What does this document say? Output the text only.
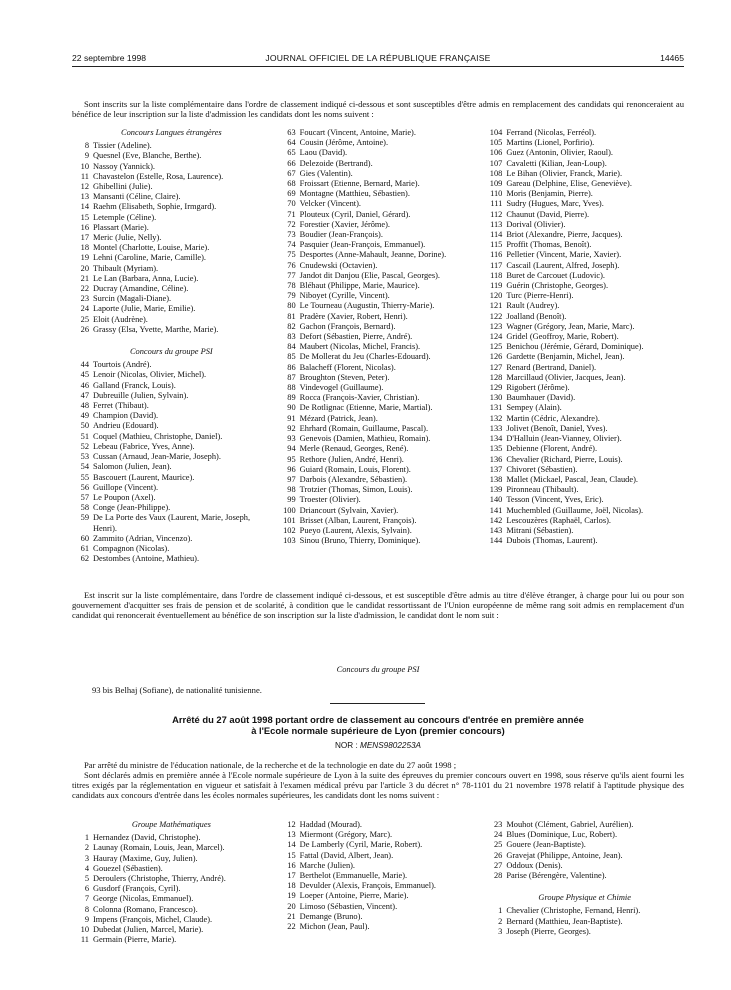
22 septembre 1998	JOURNAL OFFICIEL DE LA RÉPUBLIQUE FRANÇAISE	14465

Sont inscrits sur la liste complémentaire dans l'ordre de classement indiqué ci-dessous et sont susceptibles d'être admis en remplacement des candidats qui renonceraient au bénéfice de leur inscription sur la liste d'admission les candidats dont les noms suivent :

Concours Langues étrangères
8 Tissier (Adeline).
9 Quesnel (Eve, Blanche, Berthe).
10 Nassoy (Yannick).
11 Chavastelon (Estelle, Rosa, Laurence).
12 Ghibellini (Julie).
13 Mansanti (Céline, Claire).
14 Raehm (Elisabeth, Sophie, Irmgard).
15 Letemple (Céline).
16 Plassart (Marie).
17 Meric (Julie, Nelly).
18 Montel (Charlotte, Louise, Marie).
19 Lehni (Caroline, Marie, Camille).
20 Thibault (Myriam).
21 Le Lan (Barbara, Anna, Lucie).
22 Ducray (Amandine, Céline).
23 Surcin (Magali-Diane).
24 Laporte (Julie, Marie, Emilie).
25 Eloit (Audrène).
26 Grassy (Elsa, Yvette, Marthe, Marie).
Concours du groupe PSI
44 Tourtois (André).
45 Lenoir (Nicolas, Olivier, Michel).
46 Galland (Franck, Louis).
47 Dubreuille (Julien, Sylvain).
48 Ferret (Thibaut).
49 Champion (David).
50 Andrieu (Edouard).
51 Coquel (Mathieu, Christophe, Daniel).
52 Lebeau (Fabrice, Yves, Anne).
53 Cussan (Arnaud, Jean-Marie, Joseph).
54 Salomon (Julien, Jean).
55 Bascouert (Laurent, Maurice).
56 Guillope (Vincent).
57 Le Poupon (Axel).
58 Conge (Jean-Philippe).
59 De La Porte des Vaux (Laurent, Marie, Joseph, Henri).
60 Zammito (Adrian, Vincenzo).
61 Compagnon (Nicolas).
62 Destombes (Antoine, Mathieu).
63 Foucart (Vincent, Antoine, Marie).
64 Cousin (Jérôme, Antoine).
65 Laou (David).
66 Delezoide (Bertrand).
67 Gies (Valentin).
68 Froissart (Etienne, Bernard, Marie).
69 Montagne (Matthieu, Sébastien).
70 Velcker (Vincent).
71 Plouteux (Cyril, Daniel, Gérard).
72 Forestier (Xavier, Jérôme).
73 Boudier (Jean-François).
74 Pasquier (Jean-François, Emmanuel).
75 Desportes (Anne-Mahault, Jeanne, Dorine).
76 Cnudewski (Octavien).
77 Jandot dit Danjou (Elie, Pascal, Georges).
78 Bléhaut (Philippe, Marie, Maurice).
79 Niboyet (Cyrille, Vincent).
80 Le Tourneau (Augustin, Thierry-Marie).
81 Pradère (Xavier, Robert, Henri).
82 Gachon (François, Bernard).
83 Defort (Sébastien, Pierre, André).
84 Maubert (Nicolas, Michel, Francis).
85 De Mollerat du Jeu (Charles-Edouard).
86 Balacheff (Florent, Nicolas).
87 Broughton (Steven, Peter).
88 Vindevogel (Guillaume).
89 Rocca (François-Xavier, Christian).
90 De Rotlignac (Etienne, Marie, Martial).
91 Mézard (Patrick, Jean).
92 Ehrhard (Romain, Guillaume, Pascal).
93 Genevois (Damien, Mathieu, Romain).
94 Merle (Renaud, Georges, René).
95 Rethore (Julien, André, Henri).
96 Guiard (Romain, Louis, Florent).
97 Darbois (Alexandre, Sébastien).
98 Trotzier (Thomas, Simon, Louis).
99 Troester (Olivier).
100 Driancourt (Sylvain, Xavier).
101 Brisset (Alban, Laurent, François).
102 Pueyo (Laurent, Alexis, Sylvain).
103 Sinou (Bruno, Thierry, Dominique).
104 Ferrand (Nicolas, Ferréol).
105 Martins (Lionel, Porfirio).
106 Guez (Antonin, Olivier, Raoul).
107 Cavaletti (Kilian, Jean-Loup).
108 Le Bihan (Olivier, Franck, Marie).
109 Gareau (Delphine, Elise, Geneviève).
110 Moris (Benjamin, Pierre).
111 Sudry (Hugues, Marc, Yves).
112 Chaunut (David, Pierre).
113 Dorival (Olivier).
114 Briot (Alexandre, Pierre, Jacques).
115 Proffit (Thomas, Benoît).
116 Pelletier (Vincent, Marie, Xavier).
117 Cascail (Laurent, Alfred, Joseph).
118 Buret de Carcouet (Ludovic).
119 Guérin (Christophe, Georges).
120 Turc (Pierre-Henri).
121 Rault (Audrey).
122 Joalland (Benoît).
123 Wagner (Grégory, Jean, Marie, Marc).
124 Gridel (Geoffroy, Marie, Robert).
125 Benichou (Jérémie, Gérard, Dominique).
126 Gardette (Benjamin, Michel, Jean).
127 Renard (Bertrand, Daniel).
128 Marcillaud (Olivier, Jacques, Jean).
129 Rigobert (Jérôme).
130 Baumhauer (David).
131 Sempey (Alain).
132 Martin (Cédric, Alexandre).
133 Jolivet (Benoît, Daniel, Yves).
134 D'Halluin (Jean-Vianney, Olivier).
135 Debienne (Florent, André).
136 Chevalier (Richard, Pierre, Louis).
137 Chivoret (Sébastien).
138 Mallet (Mickael, Pascal, Jean, Claude).
139 Pironneau (Thibault).
140 Tesson (Vincent, Yves, Eric).
141 Muchembled (Guillaume, Joël, Nicolas).
142 Lescouzères (Raphaël, Carlos).
143 Mitrani (Sébastien).
144 Dubois (Thomas, Laurent).

Est inscrit sur la liste complémentaire, dans l'ordre de classement indiqué ci-dessous, et est susceptible d'être admis au titre d'élève étranger, à charge pour lui ou pour son gouvernement d'acquitter ses frais de pension et de scolarité, à condition que le candidat ressortissant de l'Union européenne de même rang soit admis en remplacement d'un candidat qui renoncerait éventuellement au bénéfice de son inscription sur la liste d'admission, le candidat dont le nom suit :

Concours du groupe PSI
93 bis Belhaj (Sofiane), de nationalité tunisienne.
Arrêté du 27 août 1998 portant ordre de classement au concours d'entrée en première année
à l'Ecole normale supérieure de Lyon (premier concours)
NOR : MENS9802253A

Par arrêté du ministre de l'éducation nationale, de la recherche et de la technologie en date du 27 août 1998 ;

Sont déclarés admis en première année à l'Ecole normale supérieure de Lyon à la suite des épreuves du premier concours ouvert en 1998, sous réserve qu'ils aient fourni les titres exigés par la réglementation en vigueur et satisfait à l'examen médical prévu par l'article 3 du décret n° 78-1101 du 21 novembre 1978 relatif à l'aptitude physique des candidats aux concours d'entrée dans les écoles normales supérieures, les candidats dont les noms suivent :

Groupe Mathématiques
1 Hernandez (David, Christophe).
2 Launay (Romain, Louis, Jean, Marcel).
3 Hauray (Maxime, Guy, Julien).
4 Gouezel (Sébastien).
5 Deroulers (Christophe, Thierry, André).
6 Gusdorf (François, Cyril).
7 George (Nicolas, Emmanuel).
8 Colonna (Romano, Francesco).
9 Impens (François, Michel, Claude).
10 Dubedat (Julien, Marcel, Marie).
11 Germain (Pierre, Marie).
12 Haddad (Mourad).
13 Miermont (Grégory, Marc).
14 De Lamberly (Cyril, Marie, Robert).
15 Fattal (David, Albert, Jean).
16 Marche (Julien).
17 Berthelot (Emmanuelle, Marie).
18 Devulder (Alexis, François, Emmanuel).
19 Loeper (Antoine, Pierre, Marie).
20 Limoso (Sébastien, Vincent).
21 Demange (Bruno).
22 Michon (Jean, Paul).
23 Mouhot (Clément, Gabriel, Aurélien).
24 Blues (Dominique, Luc, Robert).
25 Gouere (Jean-Baptiste).
26 Gravejat (Philippe, Antoine, Jean).
27 Oddoux (Denis).
28 Parise (Bérengère, Valentine).
Groupe Physique et Chimie
1 Chevalier (Christophe, Fernand, Henri).
2 Bernard (Matthieu, Jean-Baptiste).
3 Joseph (Pierre, Georges).
